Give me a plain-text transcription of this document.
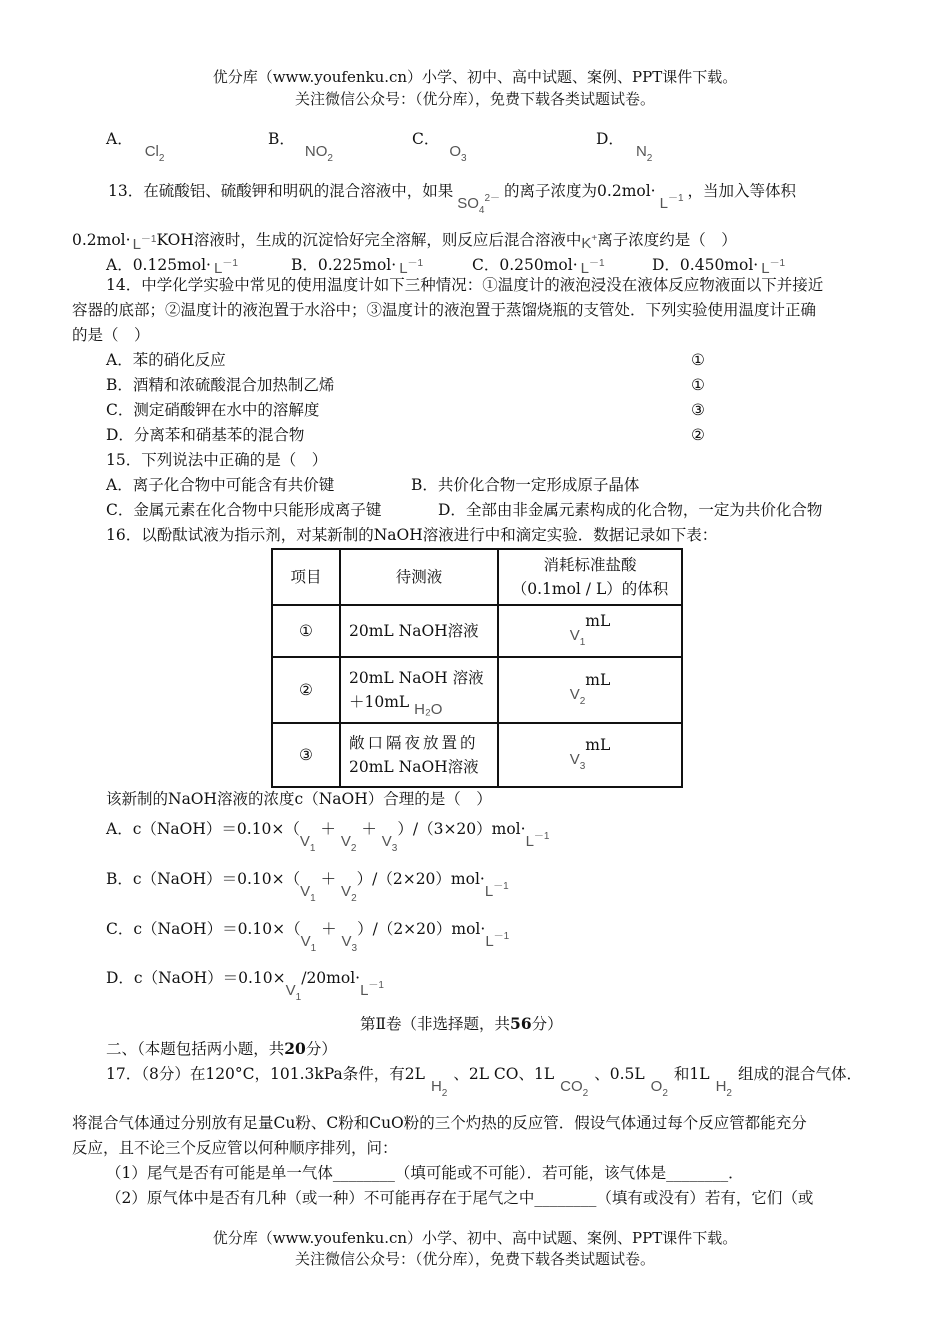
优分库（www.youfenku.cn）小学、初中、高中试题、案例、PPT课件下载。
关注微信公众号：（优分库），免费下载各类试题试卷。
A．$Cl_2$
B．$NO_2$
C．$O_3$
D．$N_2$
13．在硫酸铝、硫酸钾和明矾的混合溶液中，如果$SO_4^{2-}$ 的离子浓度为$0.2mol\cdot L^{-1}$ ，当加入等体积
$0.2mol\cdot L^{-1}KOH$溶液时，生成的沉淀恰好完全溶解，则反应后混合溶液中K+离子浓度约是（　）
A．$0.125mol\cdot L^{-1}$	B．$0.225mol\cdot L^{-1}$	C．$0.250mol\cdot L^{-1}$	D．$0.450mol\cdot L^{-1}$
14．中学化学实验中常见的使用温度计如下三种情况：①温度计的液泡浸没在液体反应物液面以下并接近
容器的底部；②温度计的液泡置于水浴中；③温度计的液泡置于蒸馏烧瓶的支管处．下列实验使用温度计正确
的是（　）
A．苯的硝化反应	①
B．酒精和浓硫酸混合加热制乙烯	①
C．测定硝酸钾在水中的溶解度	③
D．分离苯和硝基苯的混合物	②
15．下列说法中正确的是（　）
A．离子化合物中可能含有共价键	B．共价化合物一定形成原子晶体
C．金属元素在化合物中只能形成离子键	D．全部由非金属元素构成的化合物，一定为共价化合物
16．以酚酞试液为指示剂，对某新制的NaOH溶液进行中和滴定实验．数据记录如下表：
项目	待测液	消耗标准盐酸
（0.1mol / L）的体积

①	20mL NaOH溶液	$V_1mL$
②	20mL NaOH 溶液
＋10mL H₂O	$V_2mL$
③	敞口隔夜放置的
20mL NaOH溶液	$V_3mL$
该新制的NaOH溶液的浓度c（NaOH）合理的是（　）
A．$c(NaOH)=0.10\times(V_1 + V_2 + V_3)/(3\times 20)mol\cdot L^{-1}$
B．$c(NaOH)=0.10\times(V_1 + V_2)/(2\times 20)mol\cdot L^{-1}$
C．$c(NaOH)=0.10\times(V_1 + V_3)/(2\times 20)mol\cdot L^{-1}$
D．$c(NaOH)=0.10\times V_1/20mol\cdot L^{-1}$
第Ⅱ卷（非选择题，共56分）
二、（本题包括两小题，共20分）
17．（8分）在120°C，101.3kPa条件，有$2LH_2$、2L CO、$1LCO_2$、$0.5LO_2$和$1LH_2$组成的混合气体．
将混合气体通过分别放有足量Cu粉、C粉和CuO粉的三个灼热的反应管．假设气体通过每个反应管都能充分
反应，且不论三个反应管以何种顺序排列，问：
（1）尾气是否有可能是单一气体________（填可能或不可能）．若可能，该气体是________．
（2）原气体中是否有几种（或一种）不可能再存在于尾气之中________（填有或没有）若有，它们（或
优分库（www.youfenku.cn）小学、初中、高中试题、案例、PPT课件下载。
关注微信公众号：（优分库），免费下载各类试题试卷。
